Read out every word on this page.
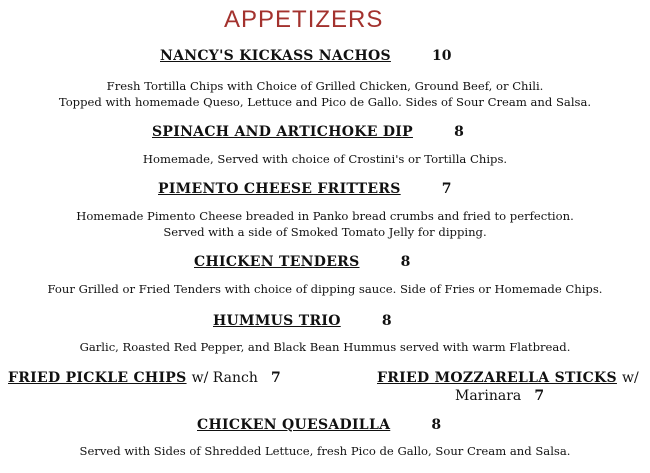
APPETIZERS
NANCY'S KICKASS NACHOS	10
Fresh Tortilla Chips with Choice of Grilled Chicken, Ground Beef, or Chili.
Topped with homemade Queso, Lettuce and Pico de Gallo. Sides of Sour Cream and Salsa.
SPINACH AND ARTICHOKE DIP	8
Homemade, Served with choice of Crostini's or Tortilla Chips.
PIMENTO CHEESE FRITTERS	7
Homemade Pimento Cheese breaded in Panko bread crumbs and fried to perfection.
Served with a side of Smoked Tomato Jelly for dipping.
CHICKEN TENDERS	8
Four Grilled or Fried Tenders with choice of dipping sauce. Side of Fries or Homemade Chips.
HUMMUS TRIO	8
Garlic, Roasted Red Pepper, and Black Bean Hummus served with warm Flatbread.
FRIED PICKLE CHIPS w/ Ranch 7	FRIED MOZZARELLA STICKS w/
Marinara 7
CHICKEN QUESADILLA	8
Served with Sides of Shredded Lettuce, fresh Pico de Gallo, Sour Cream and Salsa.
